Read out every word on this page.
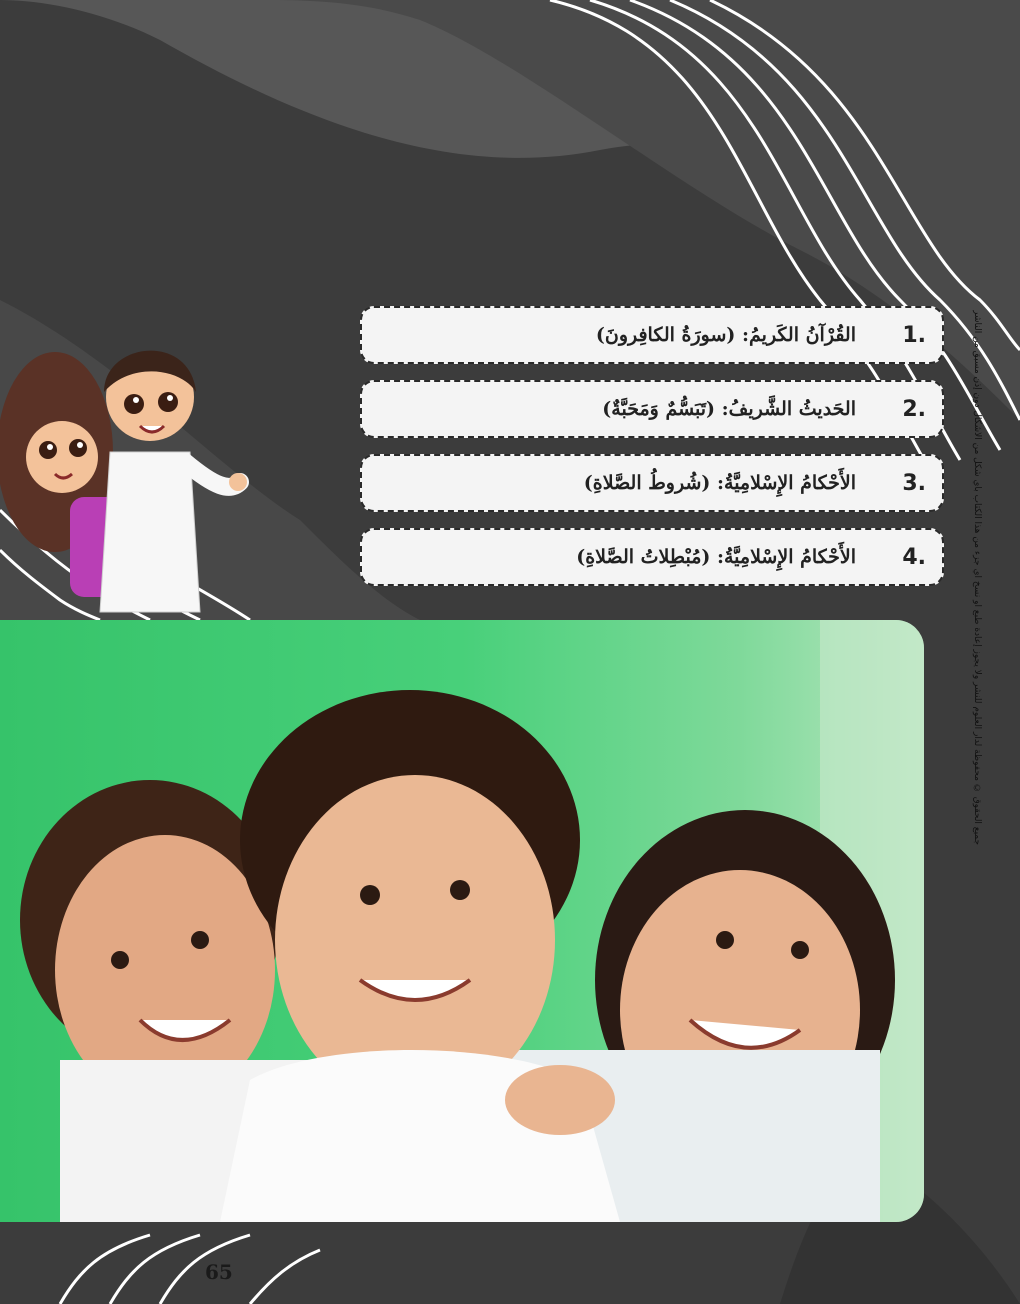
1.
القُرْآنُ الكَريمُ: (سورَةُ الكافِرونَ)
2.
الحَديثُ الشَّريفُ: (تَبَسُّمٌ وَمَحَبَّةٌ)
3.
الأَحْكامُ الإِسْلامِيَّةُ: (شُروطُ الصَّلاةِ)
4.
الأَحْكامُ الإِسْلامِيَّةُ: (مُبْطِلاتُ الصَّلاةِ)	جميع الحقوق © محفوظة لدار العلوم للنشر ولا يجوز إعادة طبع أو نسخ أي جزء من هذا الكتاب بأي شكل من الأشكال دون إذن مسبق من الناشر
65
